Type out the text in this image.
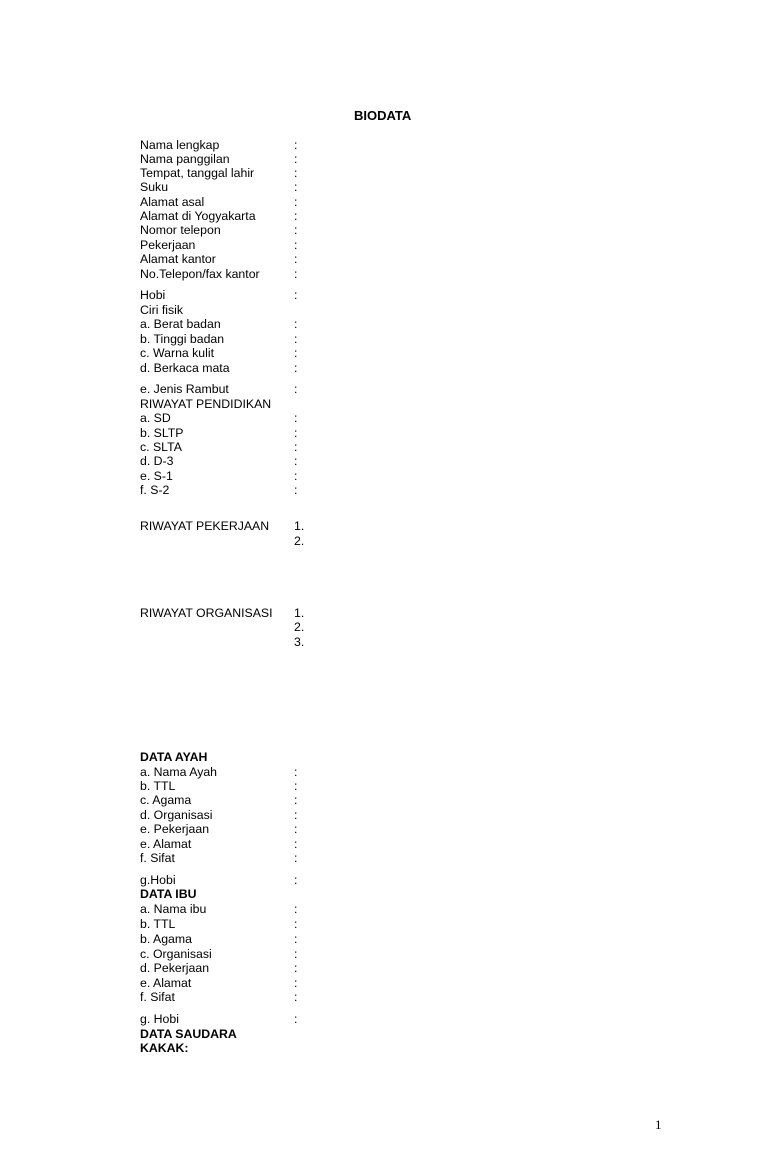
BIODATA
Nama lengkap	:
Nama panggilan	:
Tempat, tanggal lahir	:
Suku	:
Alamat asal	:
Alamat di Yogyakarta	:
Nomor telepon	:
Pekerjaan	:
Alamat kantor	:
No.Telepon/fax kantor	:
Hobi	:
Ciri fisik
a. Berat badan	:
b. Tinggi badan	:
c. Warna kulit	:
d. Berkaca mata	:
e. Jenis Rambut	:
RIWAYAT PENDIDIKAN
a. SD	:
b. SLTP	:
c. SLTA	:
d. D-3	:
e. S-1	:
f. S-2	:
RIWAYAT PEKERJAAN 1.
2.
RIWAYAT ORGANISASI 1.
2.
3.
DATA AYAH
a. Nama Ayah	:
b. TTL	:
c. Agama	:
d. Organisasi	:
e. Pekerjaan	:
e. Alamat	:
f. Sifat	:
g.Hobi	:
DATA IBU
a. Nama ibu	:
b. TTL	:
b. Agama	:
c. Organisasi	:
d. Pekerjaan	:
e. Alamat	:
f. Sifat	:
g. Hobi	:
DATA SAUDARA
KAKAK:
1
